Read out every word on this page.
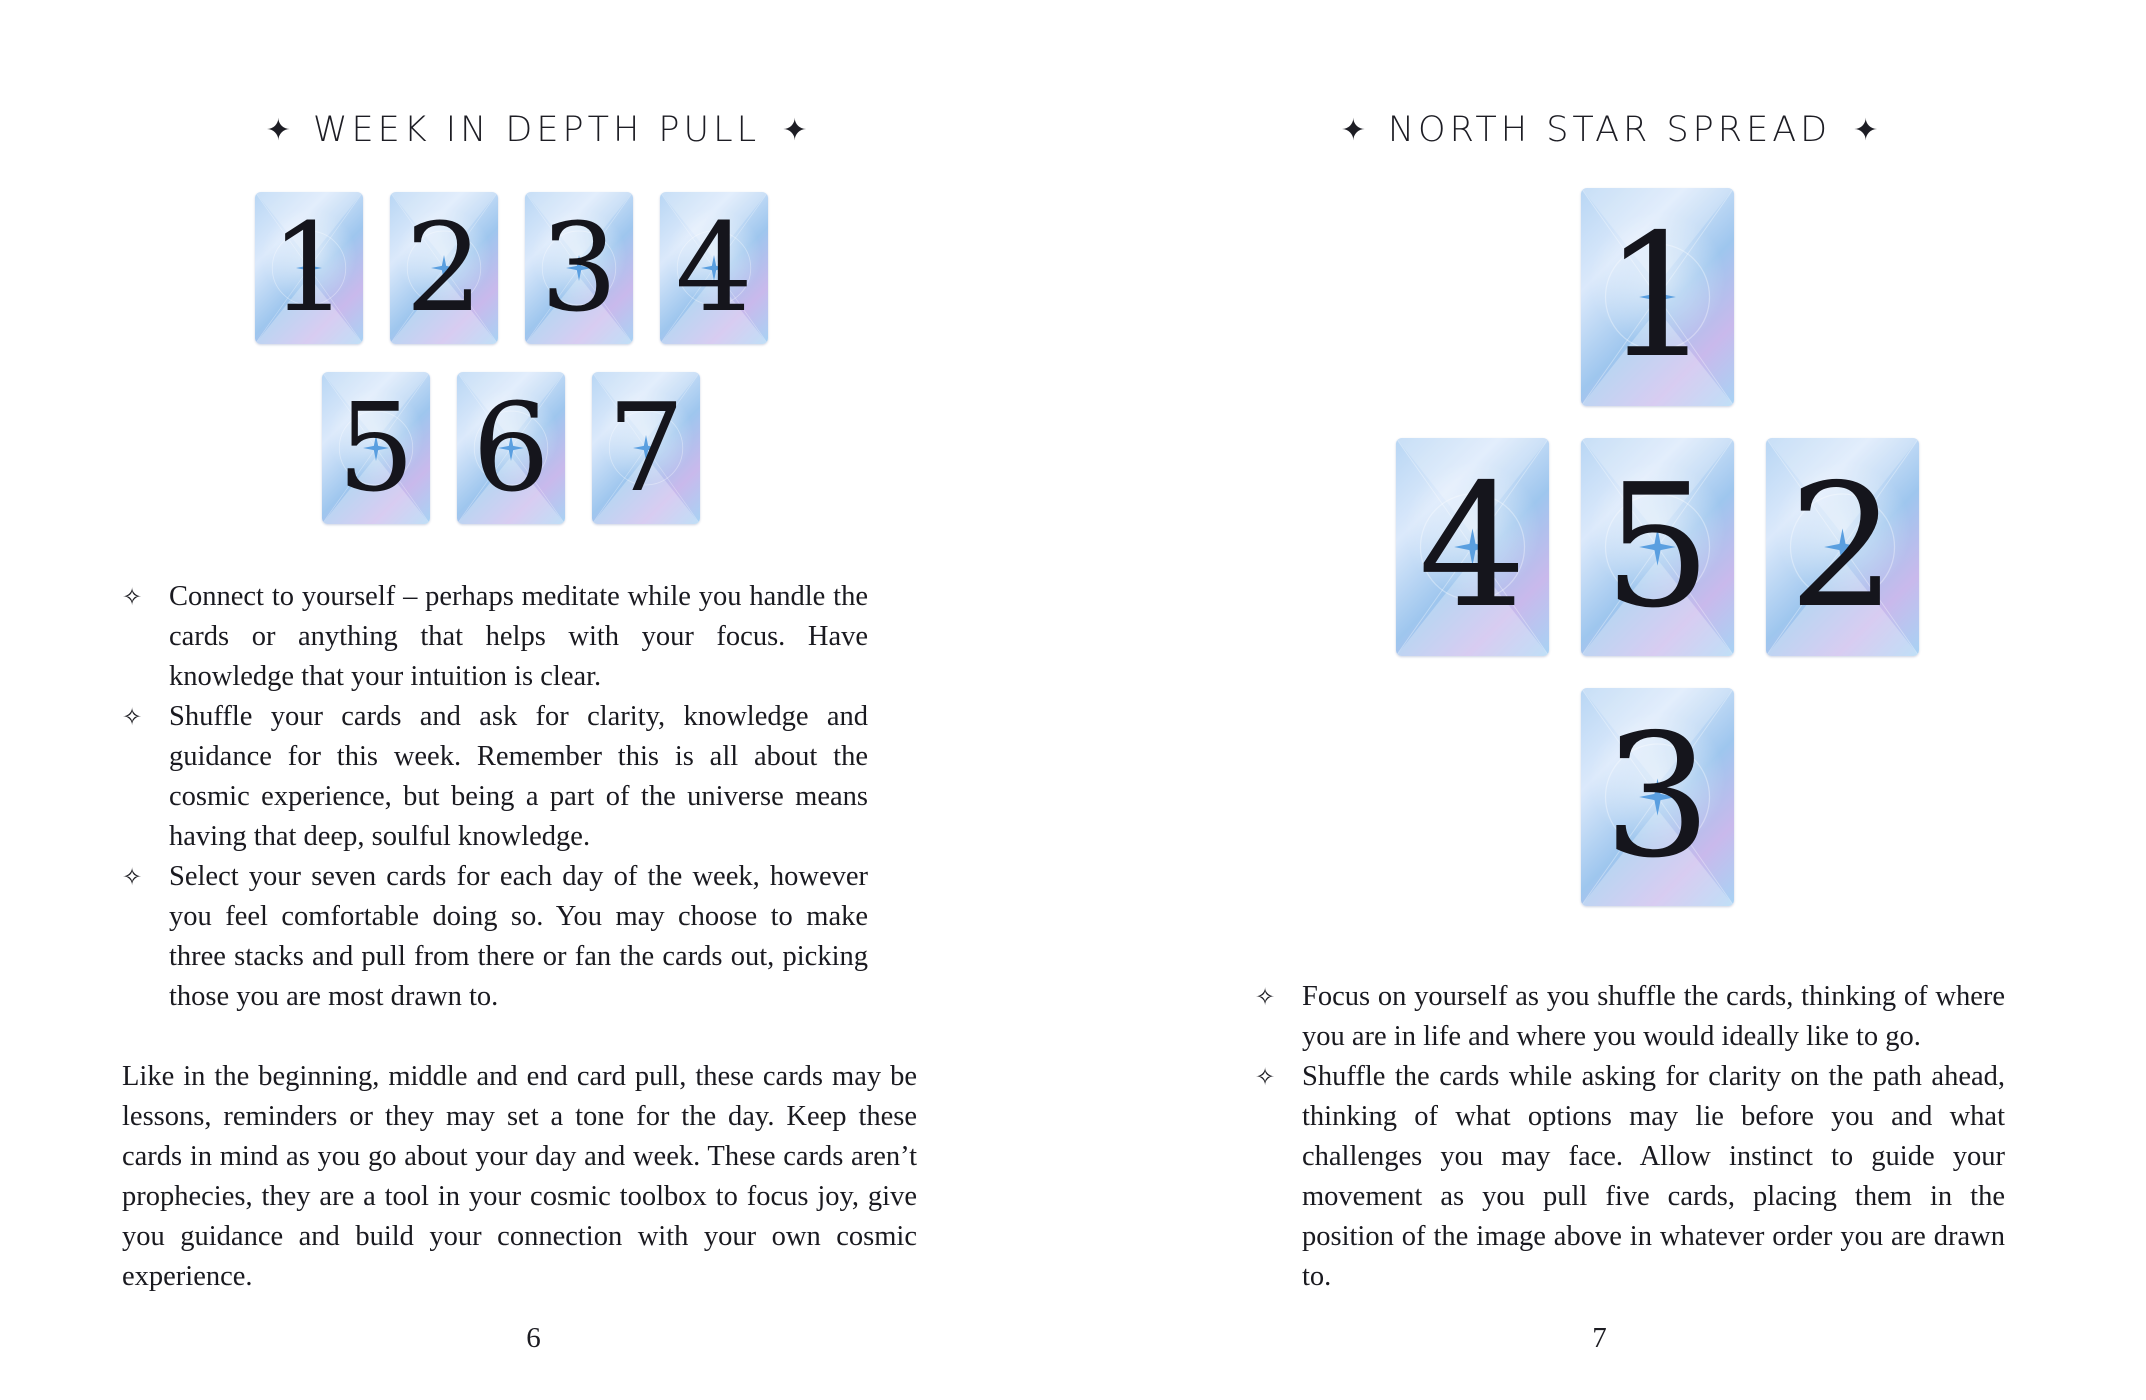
✦ WEEK IN DEPTH PULL ✦
1 2 3 4
5 6 7
✧ Connect to yourself – perhaps meditate while you handle the cards or anything that helps with your focus. Have knowledge that your intuition is clear.
✧ Shuffle your cards and ask for clarity, knowledge and guidance for this week. Remember this is all about the cosmic experience, but being a part of the universe means having that deep, soulful knowledge.
✧ Select your seven cards for each day of the week, however you feel comfortable doing so. You may choose to make three stacks and pull from there or fan the cards out, picking those you are most drawn to.

Like in the beginning, middle and end card pull, these cards may be lessons, reminders or they may set a tone for the day. Keep these cards in mind as you go about your day and week. These cards aren’t prophecies, they are a tool in your cosmic toolbox to focus joy, give you guidance and build your connection with your own cosmic experience.

6
✦ NORTH STAR SPREAD ✦
1
4 5 2
3
✧ Focus on yourself as you shuffle the cards, thinking of where you are in life and where you would ideally like to go.
✧ Shuffle the cards while asking for clarity on the path ahead, thinking of what options may lie before you and what challenges you may face. Allow instinct to guide your movement as you pull five cards, placing them in the position of the image above in whatever order you are drawn to.
7
